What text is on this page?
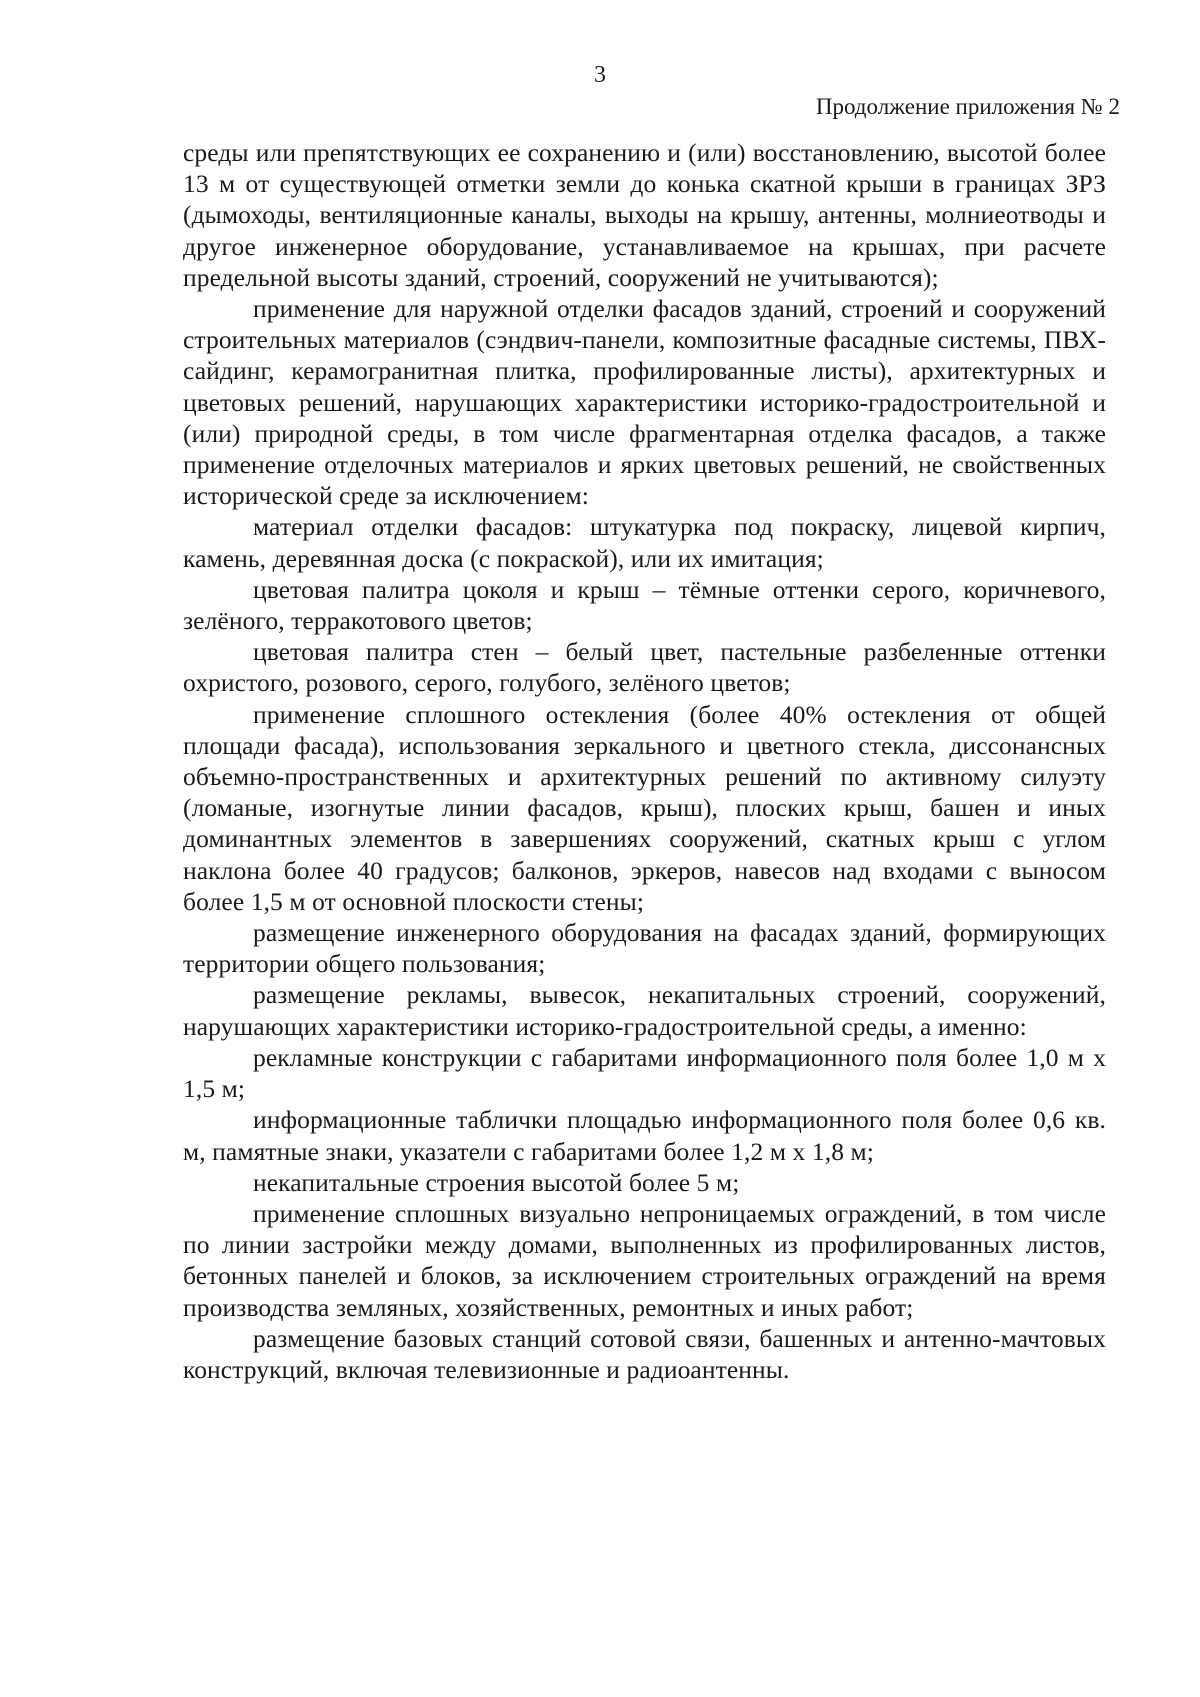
3
Продолжение приложения № 2

среды или препятствующих ее сохранению и (или) восстановлению, высотой более 13 м от существующей отметки земли до конька скатной крыши в границах ЗРЗ (дымоходы, вентиляционные каналы, выходы на крышу, антенны, молниеотводы и другое инженерное оборудование, устанавливаемое на крышах, при расчете предельной высоты зданий, строений, сооружений не учитываются);

применение для наружной отделки фасадов зданий, строений и сооружений строительных материалов (сэндвич-панели, композитные фасадные системы, ПВХ-сайдинг, керамогранитная плитка, профилированные листы), архитектурных и цветовых решений, нарушающих характеристики историко-градостроительной и (или) природной среды, в том числе фрагментарная отделка фасадов, а также применение отделочных материалов и ярких цветовых решений, не свойственных исторической среде за исключением:

материал отделки фасадов: штукатурка под покраску, лицевой кирпич, камень, деревянная доска (с покраской), или их имитация;

цветовая палитра цоколя и крыш – тёмные оттенки серого, коричневого, зелёного, терракотового цветов;

цветовая палитра стен – белый цвет, пастельные разбеленные оттенки охристого, розового, серого, голубого, зелёного цветов;

применение сплошного остекления (более 40% остекления от общей площади фасада), использования зеркального и цветного стекла, диссонансных объемно-пространственных и архитектурных решений по активному силуэту (ломаные, изогнутые линии фасадов, крыш), плоских крыш, башен и иных доминантных элементов в завершениях сооружений, скатных крыш с углом наклона более 40 градусов; балконов, эркеров, навесов над входами с выносом более 1,5 м от основной плоскости стены;

размещение инженерного оборудования на фасадах зданий, формирующих территории общего пользования;

размещение рекламы, вывесок, некапитальных строений, сооружений, нарушающих характеристики историко-градостроительной среды, а именно:

рекламные конструкции с габаритами информационного поля более 1,0 м х 1,5 м;

информационные таблички площадью информационного поля более 0,6 кв. м, памятные знаки, указатели с габаритами более 1,2 м х 1,8 м;

некапитальные строения высотой более 5 м;

применение сплошных визуально непроницаемых ограждений, в том числе по линии застройки между домами, выполненных из профилированных листов, бетонных панелей и блоков, за исключением строительных ограждений на время производства земляных, хозяйственных, ремонтных и иных работ;

размещение базовых станций сотовой связи, башенных и антенно-мачтовых конструкций, включая телевизионные и радиоантенны.
